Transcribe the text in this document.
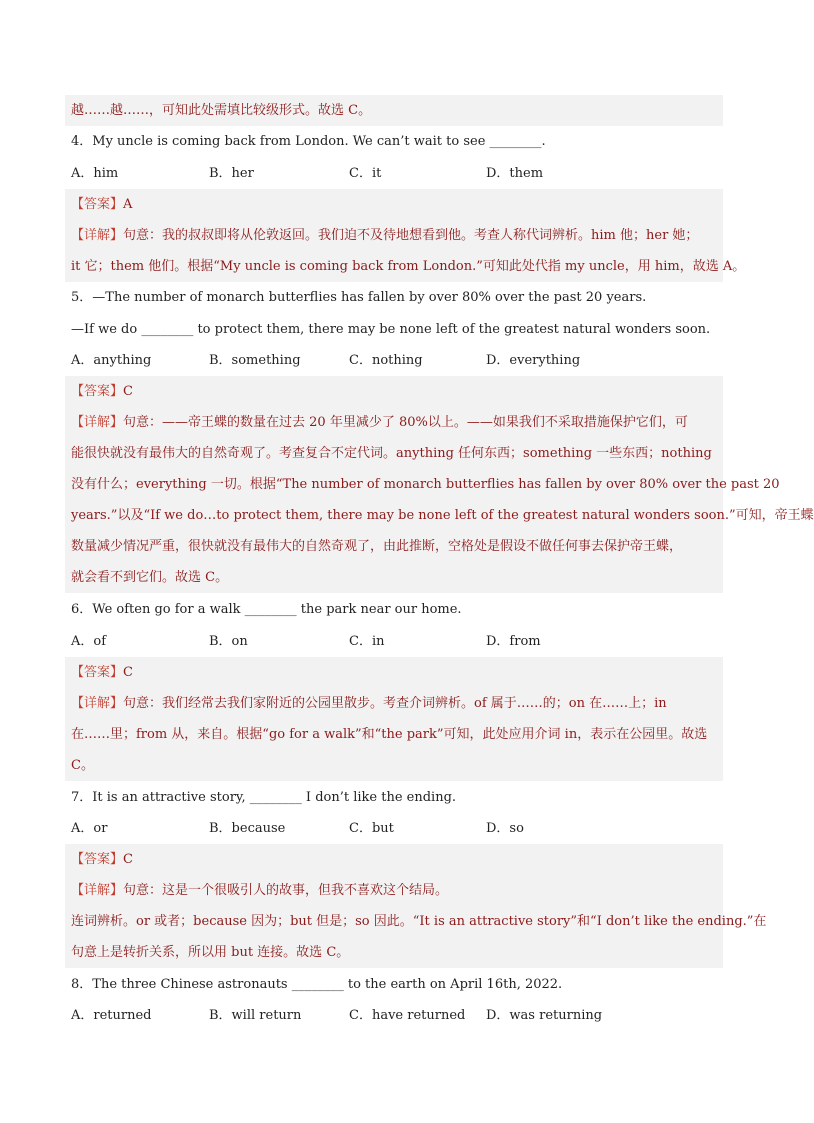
越……越……，可知此处需填比较级形式。故选 C。
4．My uncle is coming back from London. We can’t wait to see ________.
A．him	B．her	C．it	D．them
【答案】A
【详解】句意：我的叔叔即将从伦敦返回。我们迫不及待地想看到他。考查人称代词辨析。him 他；her 她；
it 它；them 他们。根据“My uncle is coming back from London.”可知此处代指 my uncle，用 him，故选 A。
5．—The number of monarch butterflies has fallen by over 80% over the past 20 years.
—If we do ________ to protect them, there may be none left of the greatest natural wonders soon.
A．anything	B．something	C．nothing	D．everything
【答案】C
【详解】句意：——帝王蝶的数量在过去 20 年里减少了 80%以上。——如果我们不采取措施保护它们，可
能很快就没有最伟大的自然奇观了。考查复合不定代词。anything 任何东西；something 一些东西；nothing
没有什么；everything 一切。根据“The number of monarch butterflies has fallen by over 80% over the past 20
years.”以及“If we do…to protect them, there may be none left of the greatest natural wonders soon.”可知，帝王蝶
数量减少情况严重，很快就没有最伟大的自然奇观了，由此推断，空格处是假设不做任何事去保护帝王蝶，
就会看不到它们。故选 C。
6．We often go for a walk ________ the park near our home.
A．of	B．on	C．in	D．from
【答案】C
【详解】句意：我们经常去我们家附近的公园里散步。考查介词辨析。of 属于……的；on 在……上；in
在……里；from 从，来自。根据“go for a walk”和“the park”可知，此处应用介词 in，表示在公园里。故选
C。
7．It is an attractive story, ________ I don’t like the ending.
A．or	B．because	C．but	D．so
【答案】C
【详解】句意：这是一个很吸引人的故事，但我不喜欢这个结局。
连词辨析。or 或者；because 因为；but 但是；so 因此。“It is an attractive story”和“I don’t like the ending.”在
句意上是转折关系，所以用 but 连接。故选 C。
8．The three Chinese astronauts ________ to the earth on April 16th, 2022.
A．returned	B．will return	C．have returned D．was returning
